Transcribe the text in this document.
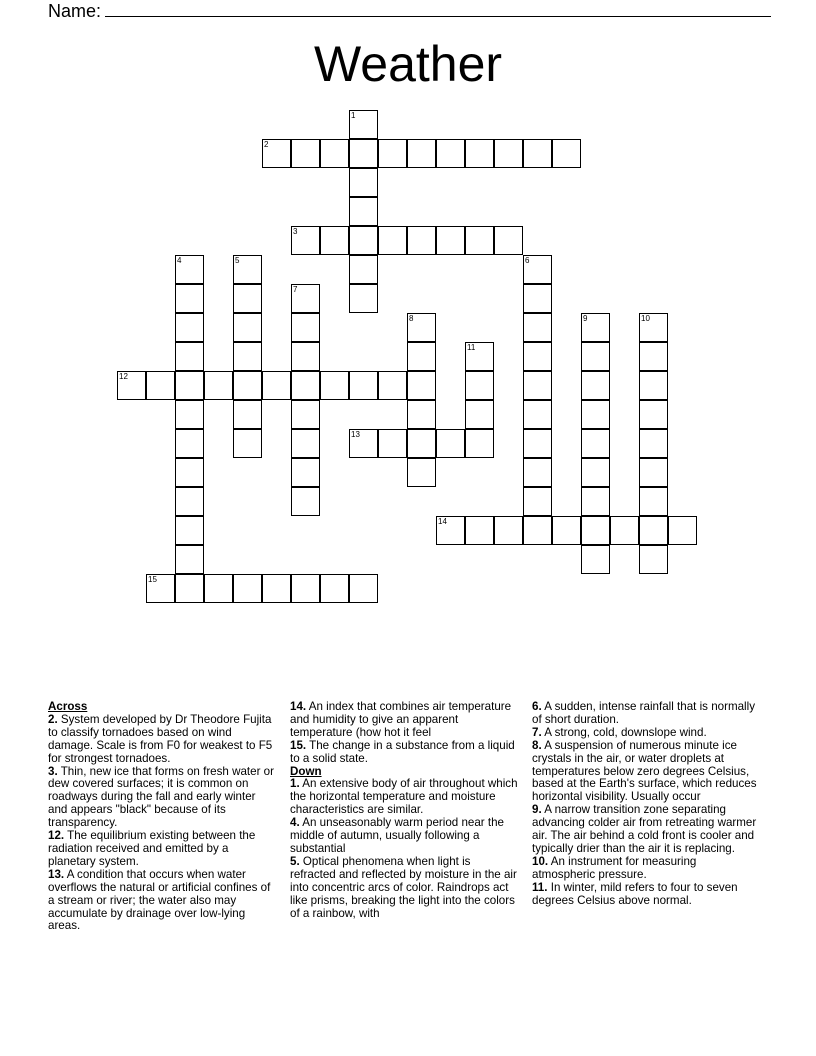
Name:
Weather
1
2
3
4	5	6
7
8	9	10
11
12
13
14
15
Across

2. System developed by Dr Theodore Fujita to classify tornadoes based on wind damage. Scale is from F0 for weakest to F5 for strongest tornadoes.

3. Thin, new ice that forms on fresh water or dew covered surfaces; it is common on roadways during the fall and early winter and appears "black" because of its transparency.

12. The equilibrium existing between the radiation received and emitted by a planetary system.

13. A condition that occurs when water overflows the natural or artificial confines of a stream or river; the water also may accumulate by drainage over low-lying areas.

14. An index that combines air temperature and humidity to give an apparent temperature (how hot it feel

15. The change in a substance from a liquid to a solid state.

Down

1. An extensive body of air throughout which the horizontal temperature and moisture characteristics are similar.

4. An unseasonably warm period near the middle of autumn, usually following a substantial

5. Optical phenomena when light is refracted and reflected by moisture in the air into concentric arcs of color. Raindrops act like prisms, breaking the light into the colors of a rainbow, with

6. A sudden, intense rainfall that is normally of short duration.

7. A strong, cold, downslope wind.

8. A suspension of numerous minute ice crystals in the air, or water droplets at temperatures below zero degrees Celsius, based at the Earth's surface, which reduces horizontal visibility. Usually occur

9. A narrow transition zone separating advancing colder air from retreating warmer air. The air behind a cold front is cooler and typically drier than the air it is replacing.

10. An instrument for measuring atmospheric pressure.

11. In winter, mild refers to four to seven degrees Celsius above normal.
